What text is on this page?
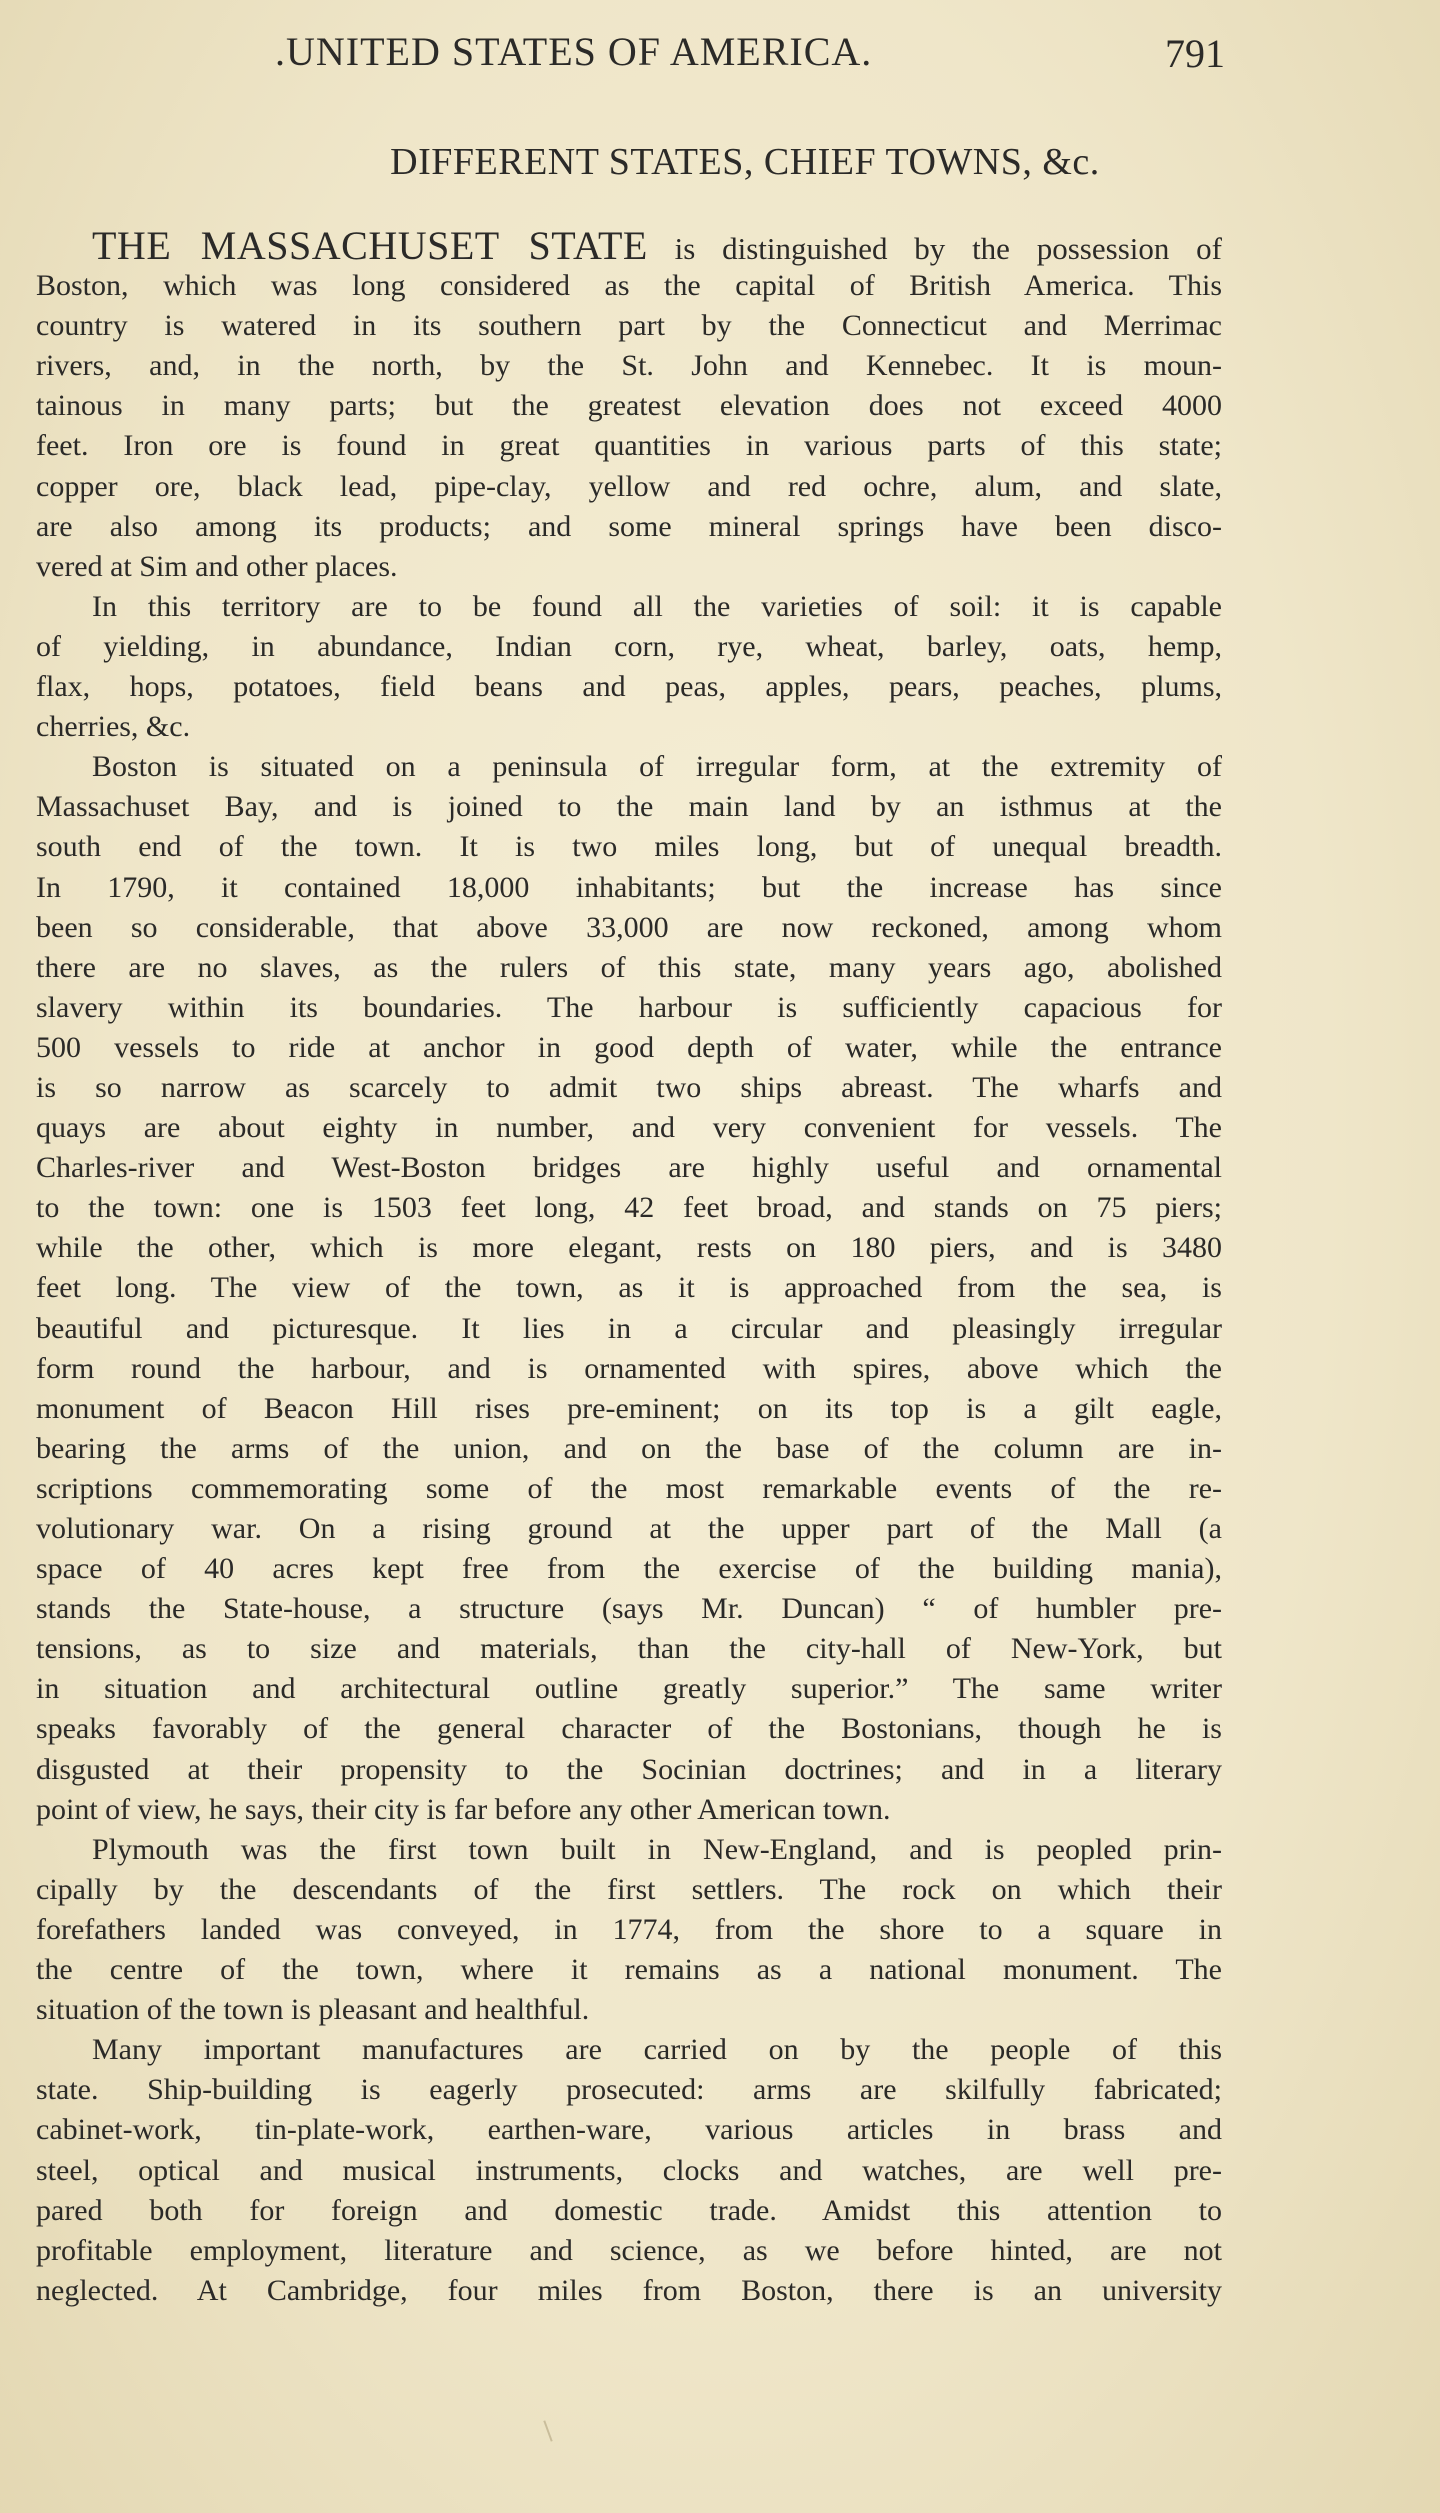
.UNITED STATES OF AMERICA.	791
DIFFERENT STATES, CHIEF TOWNS, &c.
THE MASSACHUSET STATE is distinguished by the possession of
Boston, which was long considered as the capital of British America. This
country is watered in its southern part by the Connecticut and Merrimac
rivers, and, in the north, by the St. John and Kennebec. It is moun-
tainous in many parts; but the greatest elevation does not exceed 4000
feet. Iron ore is found in great quantities in various parts of this state;
copper ore, black lead, pipe-clay, yellow and red ochre, alum, and slate,
are also among its products; and some mineral springs have been disco-
vered at Sim and other places.
In this territory are to be found all the varieties of soil: it is capable
of yielding, in abundance, Indian corn, rye, wheat, barley, oats, hemp,
flax, hops, potatoes, field beans and peas, apples, pears, peaches, plums,
cherries, &c.
Boston is situated on a peninsula of irregular form, at the extremity of
Massachuset Bay, and is joined to the main land by an isthmus at the
south end of the town. It is two miles long, but of unequal breadth.
In 1790, it contained 18,000 inhabitants; but the increase has since
been so considerable, that above 33,000 are now reckoned, among whom
there are no slaves, as the rulers of this state, many years ago, abolished
slavery within its boundaries. The harbour is sufficiently capacious for
500 vessels to ride at anchor in good depth of water, while the entrance
is so narrow as scarcely to admit two ships abreast. The wharfs and
quays are about eighty in number, and very convenient for vessels. The
Charles-river and West-Boston bridges are highly useful and ornamental
to the town: one is 1503 feet long, 42 feet broad, and stands on 75 piers;
while the other, which is more elegant, rests on 180 piers, and is 3480
feet long. The view of the town, as it is approached from the sea, is
beautiful and picturesque. It lies in a circular and pleasingly irregular
form round the harbour, and is ornamented with spires, above which the
monument of Beacon Hill rises pre-eminent; on its top is a gilt eagle,
bearing the arms of the union, and on the base of the column are in-
scriptions commemorating some of the most remarkable events of the re-
volutionary war. On a rising ground at the upper part of the Mall (a
space of 40 acres kept free from the exercise of the building mania),
stands the State-house, a structure (says Mr. Duncan) “ of humbler pre-
tensions, as to size and materials, than the city-hall of New-York, but
in situation and architectural outline greatly superior.” The same writer
speaks favorably of the general character of the Bostonians, though he is
disgusted at their propensity to the Socinian doctrines; and in a literary
point of view, he says, their city is far before any other American town.
Plymouth was the first town built in New-England, and is peopled prin-
cipally by the descendants of the first settlers. The rock on which their
forefathers landed was conveyed, in 1774, from the shore to a square in
the centre of the town, where it remains as a national monument. The
situation of the town is pleasant and healthful.
Many important manufactures are carried on by the people of this
state. Ship-building is eagerly prosecuted: arms are skilfully fabricated;
cabinet-work, tin-plate-work, earthen-ware, various articles in brass and
steel, optical and musical instruments, clocks and watches, are well pre-
pared both for foreign and domestic trade. Amidst this attention to
profitable employment, literature and science, as we before hinted, are not
neglected. At Cambridge, four miles from Boston, there is an university
